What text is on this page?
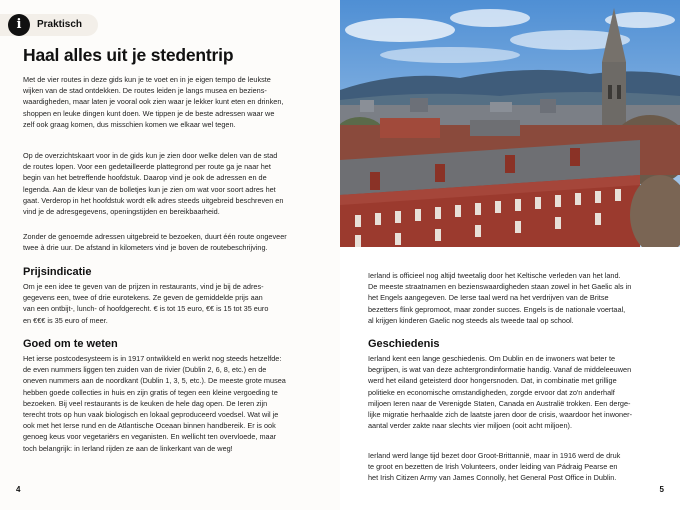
i	Praktisch
Haal alles uit je stedentrip
Met de vier routes in deze gids kun je te voet en in je eigen tempo de leukste
wijken van de stad ontdekken. De routes leiden je langs musea en beziens-
waardigheden, maar laten je vooral ook zien waar je lekker kunt eten en drinken,
shoppen en leuke dingen kunt doen. We tippen je de beste adressen waar we
zelf ook graag komen, dus misschien komen we elkaar wel tegen.
Op de overzichtskaart voor in de gids kun je zien door welke delen van de stad
de routes lopen. Voor een gedetailleerde plattegrond per route ga je naar het
begin van het betreffende hoofdstuk. Daarop vind je ook de adressen en de
legenda. Aan de kleur van de bolletjes kun je zien om wat voor soort adres het
gaat. Verderop in het hoofdstuk wordt elk adres steeds uitgebreid beschreven en
vind je de adresgegevens, openingstijden en bereikbaarheid.
Zonder de genoemde adressen uitgebreid te bezoeken, duurt één route ongeveer
twee à drie uur. De afstand in kilometers vind je boven de routebeschrijving.
Prijsindicatie
Om je een idee te geven van de prijzen in restaurants, vind je bij de adres-
gegevens een, twee of drie eurotekens. Ze geven de gemiddelde prijs aan
van een ontbijt-, lunch- of hoofdgerecht. € is tot 15 euro, €€ is 15 tot 35 euro
en €€€ is 35 euro of meer.
Goed om te weten
Het ierse postcodesysteem is in 1917 ontwikkeld en werkt nog steeds hetzelfde:
de even nummers liggen ten zuiden van de rivier (Dublin 2, 6, 8, etc.) en de
oneven nummers aan de noordkant (Dublin 1, 3, 5, etc.). De meeste grote musea
hebben goede collecties in huis en zijn gratis of tegen een kleine vergoeding te
bezoeken. Bij veel restaurants is de keuken de hele dag open. De Ieren zijn
terecht trots op hun vaak biologisch en lokaal geproduceerd voedsel. Wat wil je
ook met het Ierse rund en de Atlantische Oceaan binnen handbereik. Er is ook
genoeg keus voor vegetariërs en veganisten. En wellicht ten overvloede, maar
toch belangrijk: in Ierland rijden ze aan de linkerkant van de weg!
4
Ierland is officieel nog altijd tweetalig door het Keltische verleden van het land.
De meeste straatnamen en bezienswaardigheden staan zowel in het Gaelic als in
het Engels aangegeven. De Ierse taal werd na het verdrijven van de Britse
bezetters flink gepromoot, maar zonder succes. Engels is de nationale voertaal,
al krijgen kinderen Gaelic nog steeds als tweede taal op school.
Geschiedenis
Ierland kent een lange geschiedenis. Om Dublin en de inwoners wat beter te
begrijpen, is wat van deze achtergrondinformatie handig. Vanaf de middeleeuwen
werd het eiland geteisterd door hongersnoden. Dat, in combinatie met grillige
politieke en economische omstandigheden, zorgde ervoor dat zo'n anderhalf
miljoen Ieren naar de Verenigde Staten, Canada en Australië trokken. Een derge-
lijke migratie herhaalde zich de laatste jaren door de crisis, waardoor het inwoner-
aantal verder zakte naar slechts vier miljoen (ooit acht miljoen).
Ierland werd lange tijd bezet door Groot-Brittannië, maar in 1916 werd de druk
te groot en bezetten de Irish Volunteers, onder leiding van Pádraig Pearse en
het Irish Citizen Army van James Connolly, het General Post Office in Dublin.
5
